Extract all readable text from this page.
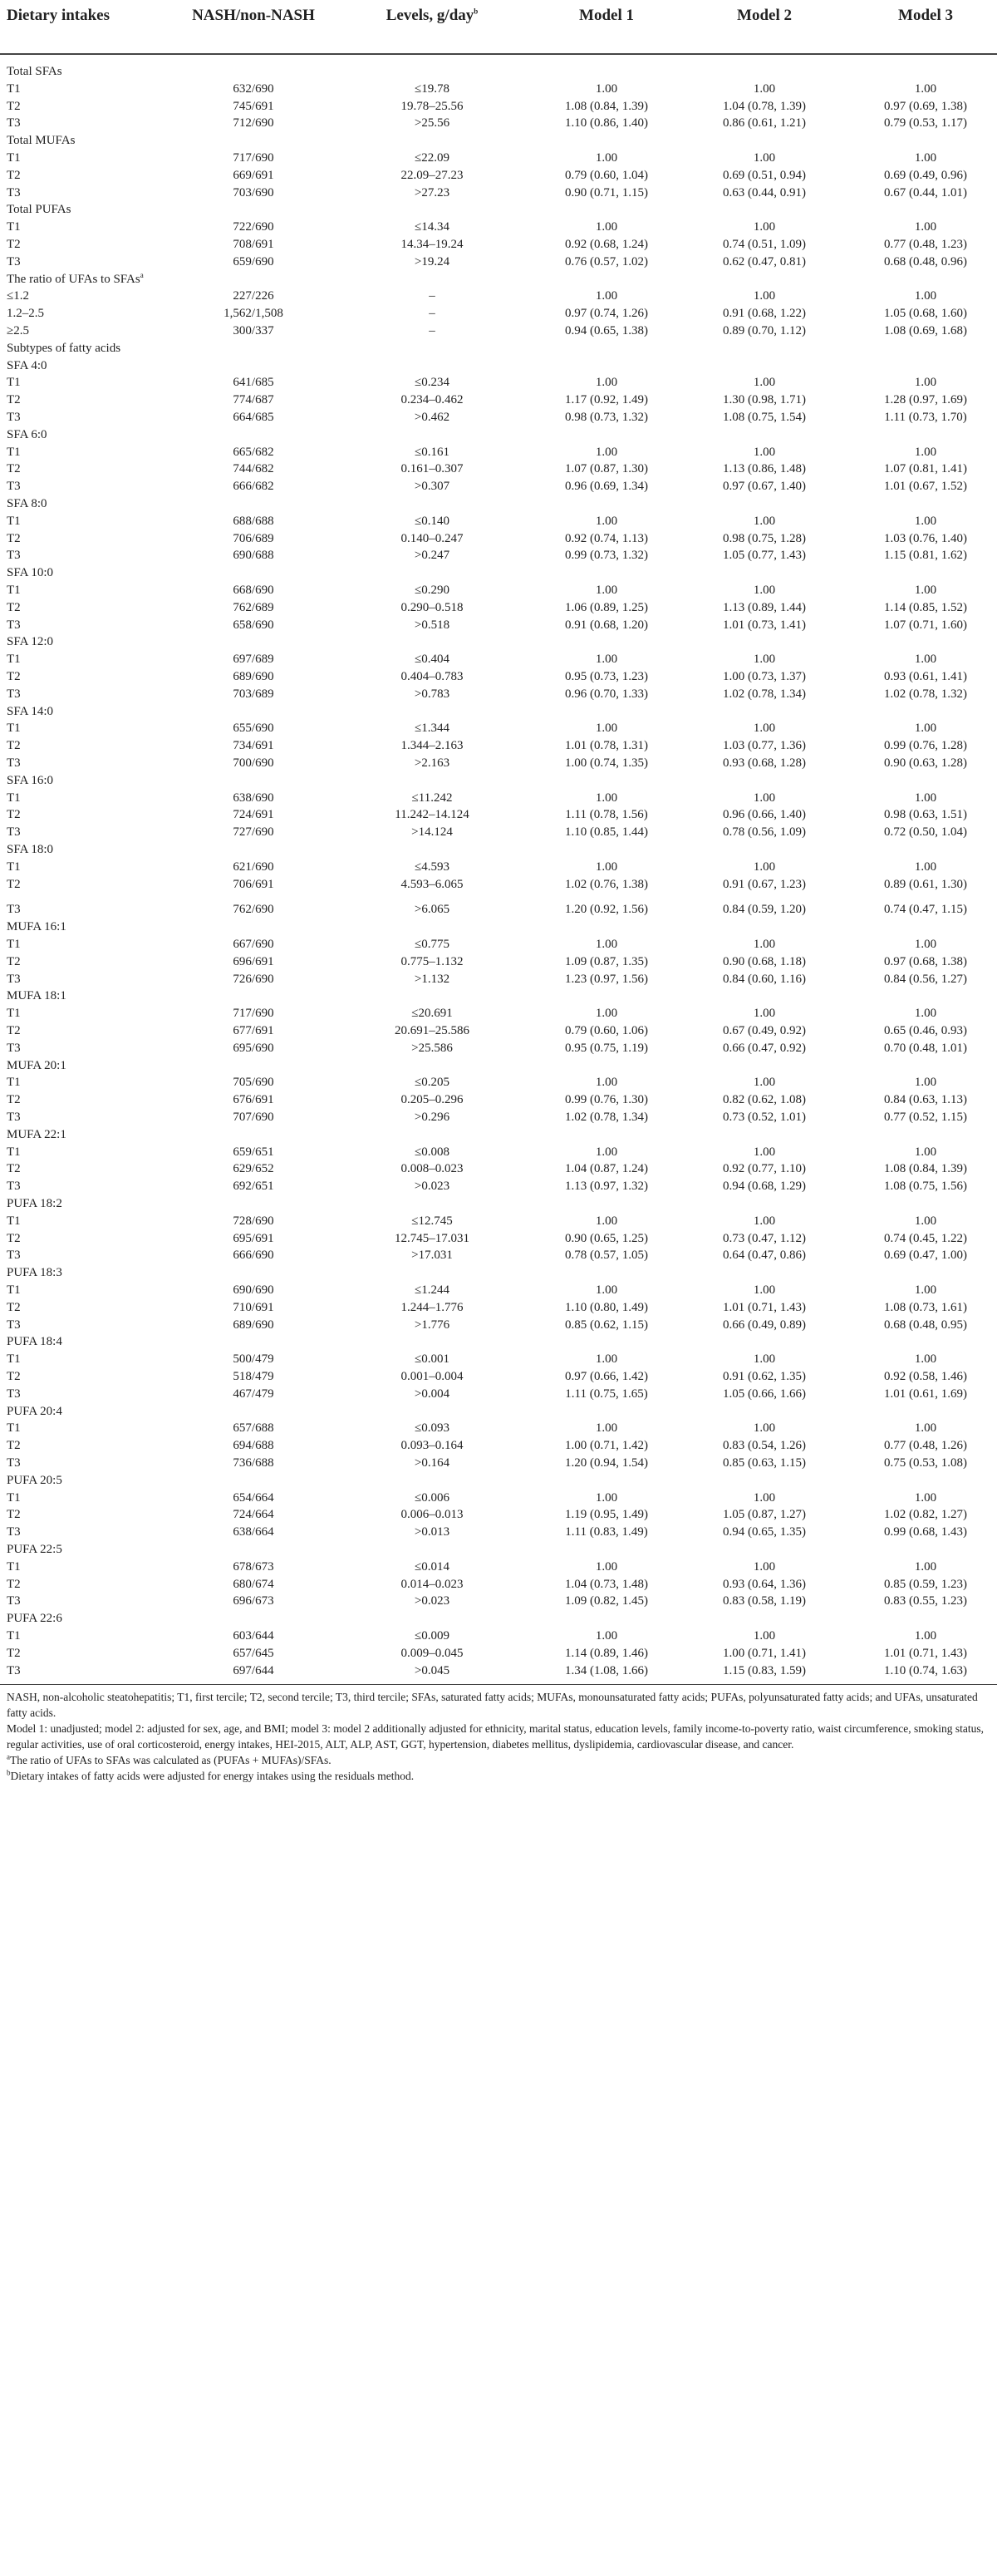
Dietary intakes	NASH/non-NASH	Levels, g/day$^b$	Model 1	Model 2	Model 3
Total SFAs
T1	632/690	≤19.78	1.00	1.00	1.00
T2	745/691	19.78–25.56	1.08 (0.84, 1.39)	1.04 (0.78, 1.39)	0.97 (0.69, 1.38)
T3	712/690	>25.56	1.10 (0.86, 1.40)	0.86 (0.61, 1.21)	0.79 (0.53, 1.17)
Total MUFAs
T1	717/690	≤22.09	1.00	1.00	1.00
T2	669/691	22.09–27.23	0.79 (0.60, 1.04)	0.69 (0.51, 0.94)	0.69 (0.49, 0.96)
T3	703/690	>27.23	0.90 (0.71, 1.15)	0.63 (0.44, 0.91)	0.67 (0.44, 1.01)
Total PUFAs
T1	722/690	≤14.34	1.00	1.00	1.00
T2	708/691	14.34–19.24	0.92 (0.68, 1.24)	0.74 (0.51, 1.09)	0.77 (0.48, 1.23)
T3	659/690	>19.24	0.76 (0.57, 1.02)	0.62 (0.47, 0.81)	0.68 (0.48, 0.96)
The ratio of UFAs to SFAs$^a$
≤1.2	227/226	–	1.00	1.00	1.00
1.2–2.5	1,562/1,508	–	0.97 (0.74, 1.26)	0.91 (0.68, 1.22)	1.05 (0.68, 1.60)
≥2.5	300/337	–	0.94 (0.65, 1.38)	0.89 (0.70, 1.12)	1.08 (0.69, 1.68)
Subtypes of fatty acids
SFA 4:0
T1	641/685	≤0.234	1.00	1.00	1.00
T2	774/687	0.234–0.462	1.17 (0.92, 1.49)	1.30 (0.98, 1.71)	1.28 (0.97, 1.69)
T3	664/685	>0.462	0.98 (0.73, 1.32)	1.08 (0.75, 1.54)	1.11 (0.73, 1.70)
SFA 6:0
T1	665/682	≤0.161	1.00	1.00	1.00
T2	744/682	0.161–0.307	1.07 (0.87, 1.30)	1.13 (0.86, 1.48)	1.07 (0.81, 1.41)
T3	666/682	>0.307	0.96 (0.69, 1.34)	0.97 (0.67, 1.40)	1.01 (0.67, 1.52)
SFA 8:0
T1	688/688	≤0.140	1.00	1.00	1.00
T2	706/689	0.140–0.247	0.92 (0.74, 1.13)	0.98 (0.75, 1.28)	1.03 (0.76, 1.40)
T3	690/688	>0.247	0.99 (0.73, 1.32)	1.05 (0.77, 1.43)	1.15 (0.81, 1.62)
SFA 10:0
T1	668/690	≤0.290	1.00	1.00	1.00
T2	762/689	0.290–0.518	1.06 (0.89, 1.25)	1.13 (0.89, 1.44)	1.14 (0.85, 1.52)
T3	658/690	>0.518	0.91 (0.68, 1.20)	1.01 (0.73, 1.41)	1.07 (0.71, 1.60)
SFA 12:0
T1	697/689	≤0.404	1.00	1.00	1.00
T2	689/690	0.404–0.783	0.95 (0.73, 1.23)	1.00 (0.73, 1.37)	0.93 (0.61, 1.41)
T3	703/689	>0.783	0.96 (0.70, 1.33)	1.02 (0.78, 1.34)	1.02 (0.78, 1.32)
SFA 14:0
T1	655/690	≤1.344	1.00	1.00	1.00
T2	734/691	1.344–2.163	1.01 (0.78, 1.31)	1.03 (0.77, 1.36)	0.99 (0.76, 1.28)
T3	700/690	>2.163	1.00 (0.74, 1.35)	0.93 (0.68, 1.28)	0.90 (0.63, 1.28)
SFA 16:0
T1	638/690	≤11.242	1.00	1.00	1.00
T2	724/691	11.242–14.124	1.11 (0.78, 1.56)	0.96 (0.66, 1.40)	0.98 (0.63, 1.51)
T3	727/690	>14.124	1.10 (0.85, 1.44)	0.78 (0.56, 1.09)	0.72 (0.50, 1.04)
SFA 18:0
T1	621/690	≤4.593	1.00	1.00	1.00
T2	706/691	4.593–6.065	1.02 (0.76, 1.38)	0.91 (0.67, 1.23)	0.89 (0.61, 1.30)
T3	762/690	>6.065	1.20 (0.92, 1.56)	0.84 (0.59, 1.20)	0.74 (0.47, 1.15)
MUFA 16:1
T1	667/690	≤0.775	1.00	1.00	1.00
T2	696/691	0.775–1.132	1.09 (0.87, 1.35)	0.90 (0.68, 1.18)	0.97 (0.68, 1.38)
T3	726/690	>1.132	1.23 (0.97, 1.56)	0.84 (0.60, 1.16)	0.84 (0.56, 1.27)
MUFA 18:1
T1	717/690	≤20.691	1.00	1.00	1.00
T2	677/691	20.691–25.586	0.79 (0.60, 1.06)	0.67 (0.49, 0.92)	0.65 (0.46, 0.93)
T3	695/690	>25.586	0.95 (0.75, 1.19)	0.66 (0.47, 0.92)	0.70 (0.48, 1.01)
MUFA 20:1
T1	705/690	≤0.205	1.00	1.00	1.00
T2	676/691	0.205–0.296	0.99 (0.76, 1.30)	0.82 (0.62, 1.08)	0.84 (0.63, 1.13)
T3	707/690	>0.296	1.02 (0.78, 1.34)	0.73 (0.52, 1.01)	0.77 (0.52, 1.15)
MUFA 22:1
T1	659/651	≤0.008	1.00	1.00	1.00
T2	629/652	0.008–0.023	1.04 (0.87, 1.24)	0.92 (0.77, 1.10)	1.08 (0.84, 1.39)
T3	692/651	>0.023	1.13 (0.97, 1.32)	0.94 (0.68, 1.29)	1.08 (0.75, 1.56)
PUFA 18:2
T1	728/690	≤12.745	1.00	1.00	1.00
T2	695/691	12.745–17.031	0.90 (0.65, 1.25)	0.73 (0.47, 1.12)	0.74 (0.45, 1.22)
T3	666/690	>17.031	0.78 (0.57, 1.05)	0.64 (0.47, 0.86)	0.69 (0.47, 1.00)
PUFA 18:3
T1	690/690	≤1.244	1.00	1.00	1.00
T2	710/691	1.244–1.776	1.10 (0.80, 1.49)	1.01 (0.71, 1.43)	1.08 (0.73, 1.61)
T3	689/690	>1.776	0.85 (0.62, 1.15)	0.66 (0.49, 0.89)	0.68 (0.48, 0.95)
PUFA 18:4
T1	500/479	≤0.001	1.00	1.00	1.00
T2	518/479	0.001–0.004	0.97 (0.66, 1.42)	0.91 (0.62, 1.35)	0.92 (0.58, 1.46)
T3	467/479	>0.004	1.11 (0.75, 1.65)	1.05 (0.66, 1.66)	1.01 (0.61, 1.69)
PUFA 20:4
T1	657/688	≤0.093	1.00	1.00	1.00
T2	694/688	0.093–0.164	1.00 (0.71, 1.42)	0.83 (0.54, 1.26)	0.77 (0.48, 1.26)
T3	736/688	>0.164	1.20 (0.94, 1.54)	0.85 (0.63, 1.15)	0.75 (0.53, 1.08)
PUFA 20:5
T1	654/664	≤0.006	1.00	1.00	1.00
T2	724/664	0.006–0.013	1.19 (0.95, 1.49)	1.05 (0.87, 1.27)	1.02 (0.82, 1.27)
T3	638/664	>0.013	1.11 (0.83, 1.49)	0.94 (0.65, 1.35)	0.99 (0.68, 1.43)
PUFA 22:5
T1	678/673	≤0.014	1.00	1.00	1.00
T2	680/674	0.014–0.023	1.04 (0.73, 1.48)	0.93 (0.64, 1.36)	0.85 (0.59, 1.23)
T3	696/673	>0.023	1.09 (0.82, 1.45)	0.83 (0.58, 1.19)	0.83 (0.55, 1.23)
PUFA 22:6
T1	603/644	≤0.009	1.00	1.00	1.00
T2	657/645	0.009–0.045	1.14 (0.89, 1.46)	1.00 (0.71, 1.41)	1.01 (0.71, 1.43)
T3	697/644	>0.045	1.34 (1.08, 1.66)	1.15 (0.83, 1.59)	1.10 (0.74, 1.63)

NASH, non-alcoholic steatohepatitis; T1, first tercile; T2, second tercile; T3, third tercile; SFAs, saturated fatty acids; MUFAs, monounsaturated fatty acids; PUFAs, polyunsaturated fatty acids; and UFAs, unsaturated fatty acids.

Model 1: unadjusted; model 2: adjusted for sex, age, and BMI; model 3: model 2 additionally adjusted for ethnicity, marital status, education levels, family income-to-poverty ratio, waist circumference, smoking status, regular activities, use of oral corticosteroid, energy intakes, HEI-2015, ALT, ALP, AST, GGT, hypertension, diabetes mellitus, dyslipidemia, cardiovascular disease, and cancer.

$^a$The ratio of UFAs to SFAs was calculated as (PUFAs + MUFAs)/SFAs.

$^b$Dietary intakes of fatty acids were adjusted for energy intakes using the residuals method.
